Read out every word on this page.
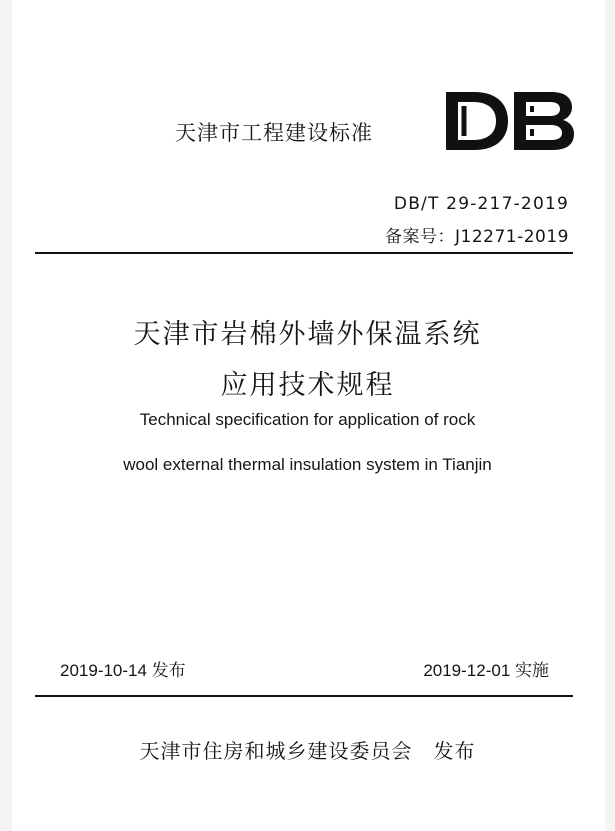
天津市工程建设标准
DB/T 29-217-2019
备案号：J12271-2019
天津市岩棉外墙外保温系统
应用技术规程
Technical specification for application of rock
wool external thermal insulation system in Tianjin
2019-10-14 发布	2019-12-01 实施
天津市住房和城乡建设委员会　发布
